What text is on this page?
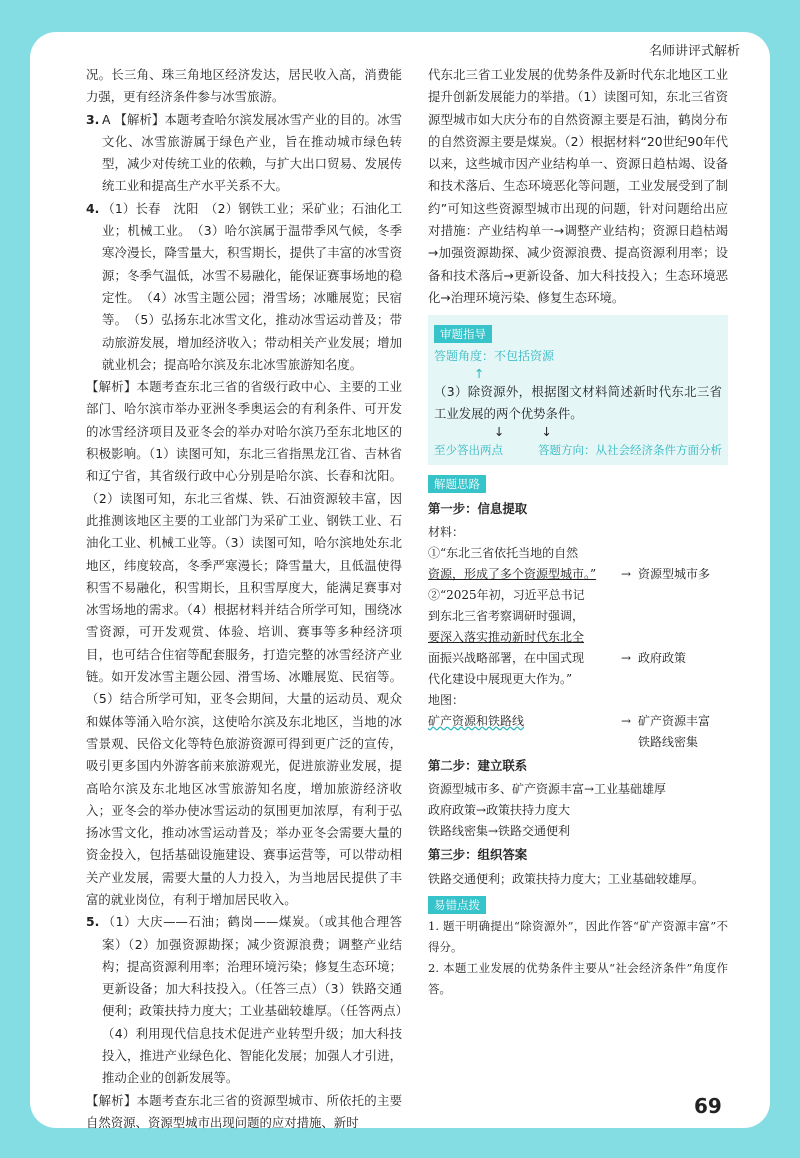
名师讲评式解析

况。长三角、珠三角地区经济发达，居民收入高，消费能力强，更有经济条件参与冰雪旅游。

3. A 【解析】本题考查哈尔滨发展冰雪产业的目的。冰雪文化、冰雪旅游属于绿色产业，旨在推动城市绿色转型，减少对传统工业的依赖，与扩大出口贸易、发展传统工业和提高生产水平关系不大。

4. （1）长春　沈阳　（2）钢铁工业；采矿业；石油化工业；机械工业。　（3）哈尔滨属于温带季风气候，冬季寒冷漫长，降雪量大，积雪期长，提供了丰富的冰雪资源；冬季气温低，冰雪不易融化，能保证赛事场地的稳定性。　（4）冰雪主题公园；滑雪场；冰雕展览；民宿等。　（5）弘扬东北冰雪文化，推动冰雪运动普及；带动旅游发展，增加经济收入；带动相关产业发展；增加就业机会；提高哈尔滨及东北冰雪旅游知名度。

【解析】本题考查东北三省的省级行政中心、主要的工业部门、哈尔滨市举办亚洲冬季奥运会的有利条件、可开发的冰雪经济项目及亚冬会的举办对哈尔滨乃至东北地区的积极影响。（1）读图可知，东北三省指黑龙江省、吉林省和辽宁省，其省级行政中心分别是哈尔滨、长春和沈阳。（2）读图可知，东北三省煤、铁、石油资源较丰富，因此推测该地区主要的工业部门为采矿工业、钢铁工业、石油化工业、机械工业等。（3）读图可知，哈尔滨地处东北地区，纬度较高，冬季严寒漫长；降雪量大，且低温使得积雪不易融化，积雪期长，且积雪厚度大，能满足赛事对冰雪场地的需求。（4）根据材料并结合所学可知，围绕冰雪资源，可开发观赏、体验、培训、赛事等多种经济项目，也可结合住宿等配套服务，打造完整的冰雪经济产业链。如开发冰雪主题公园、滑雪场、冰雕展览、民宿等。（5）结合所学可知，亚冬会期间，大量的运动员、观众和媒体等涌入哈尔滨，这使哈尔滨及东北地区，当地的冰雪景观、民俗文化等特色旅游资源可得到更广泛的宣传，吸引更多国内外游客前来旅游观光，促进旅游业发展，提高哈尔滨及东北地区冰雪旅游知名度，增加旅游经济收入；亚冬会的举办使冰雪运动的氛围更加浓厚，有利于弘扬冰雪文化，推动冰雪运动普及；举办亚冬会需要大量的资金投入，包括基础设施建设、赛事运营等，可以带动相关产业发展，需要大量的人力投入，为当地居民提供了丰富的就业岗位，有利于增加居民收入。

5. （1）大庆——石油；鹤岗——煤炭。（或其他合理答案）（2）加强资源勘探；减少资源浪费；调整产业结构；提高资源利用率；治理环境污染；修复生态环境；更新设备；加大科技投入。（任答三点）（3）铁路交通便利；政策扶持力度大；工业基础较雄厚。（任答两点）（4）利用现代信息技术促进产业转型升级；加大科技投入，推进产业绿色化、智能化发展；加强人才引进，推动企业的创新发展等。

【解析】本题考查东北三省的资源型城市、所依托的主要自然资源、资源型城市出现问题的应对措施、新时

代东北三省工业发展的优势条件及新时代东北地区工业提升创新发展能力的举措。（1）读图可知，东北三省资源型城市如大庆分布的自然资源主要是石油，鹤岗分布的自然资源主要是煤炭。（2）根据材料“20世纪90年代以来，这些城市因产业结构单一、资源日趋枯竭、设备和技术落后、生态环境恶化等问题，工业发展受到了制约”可知这些资源型城市出现的问题，针对问题给出应对措施：产业结构单一→调整产业结构；资源日趋枯竭→加强资源勘探、减少资源浪费、提高资源利用率；设备和技术落后→更新设备、加大科技投入；生态环境恶化→治理环境污染、修复生态环境。

审题指导
答题角度：不包括资源
↑
（3）除资源外，根据图文材料简述新时代东北三省工业发展的两个优势条件。
↓　　　↓
至少答出两点	答题方向：从社会经济条件方面分析
解题思路
第一步：信息提取
材料：
①“东北三省依托当地的自然
资源，形成了多个资源型城市。”	→ 资源型城市多
②“2025年初，习近平总书记
到东北三省考察调研时强调，
要深入落实推动新时代东北全
面振兴战略部署，在中国式现	→ 政府政策
代化建设中展现更大作为。”
地图：
矿产资源和铁路线	→ 矿产资源丰富
铁路线密集
第二步：建立联系
资源型城市多、矿产资源丰富→工业基础雄厚
政府政策→政策扶持力度大
铁路线密集→铁路交通便利
第三步：组织答案
铁路交通便利；政策扶持力度大；工业基础较雄厚。
易错点拨
1. 题干明确提出“除资源外”，因此作答“矿产资源丰富”不得分。
2. 本题工业发展的优势条件主要从“社会经济条件”角度作答。
69
